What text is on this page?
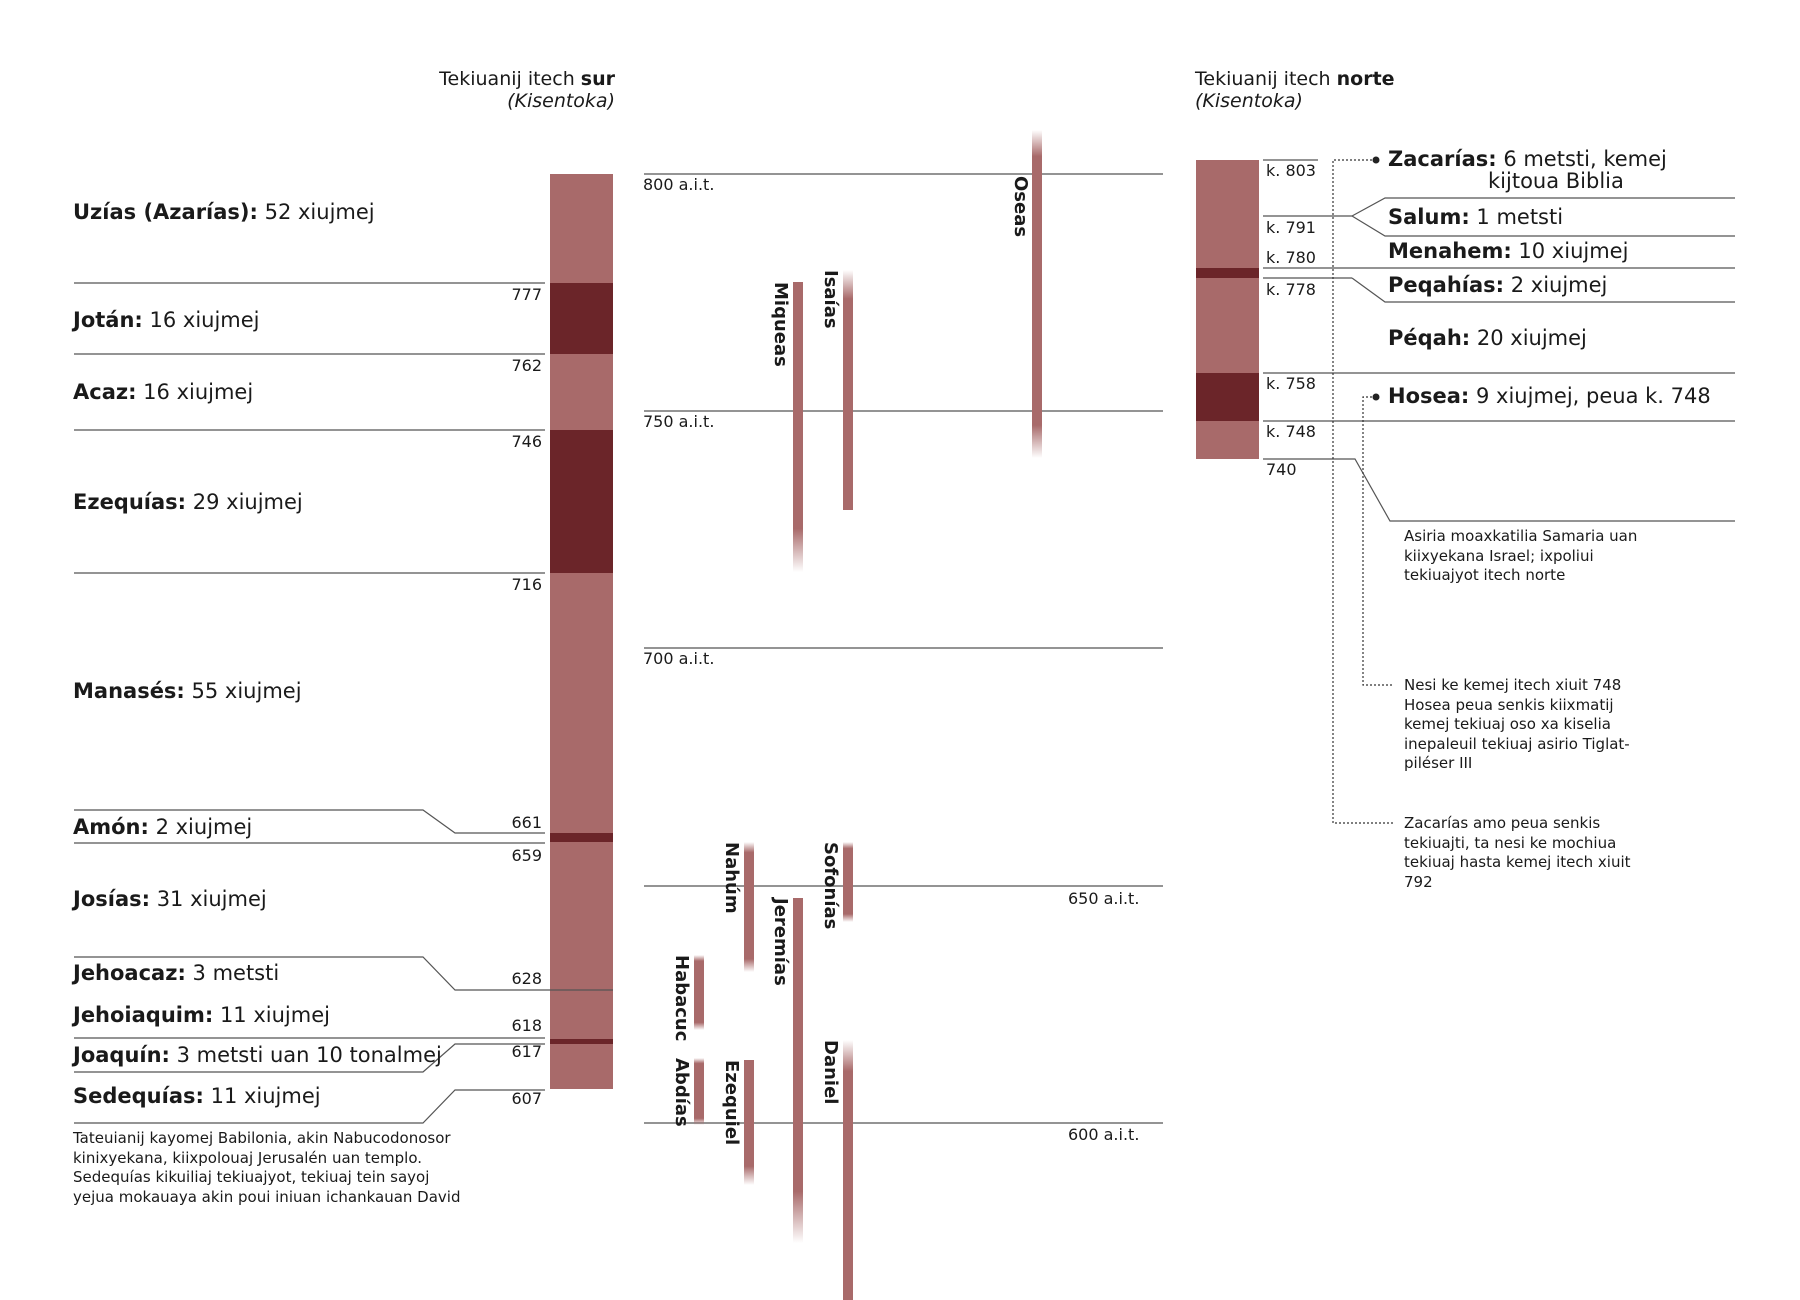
Tekiuanij itech sur
(Kisentoka)
Tekiuanij itech norte
(Kisentoka)
Uzías (Azarías): 52 xiujmej
Jotán: 16 xiujmej
Acaz: 16 xiujmej
Ezequías: 29 xiujmej
Manasés: 55 xiujmej
Amón: 2 xiujmej
Josías: 31 xiujmej
Jehoacaz: 3 metsti
Jehoiaquim: 11 xiujmej
Joaquín: 3 metsti uan 10 tonalmej
Sedequías: 11 xiujmej
777
762
746
716
661
659
628
618
617
607
Tateuianij kayomej Babilonia, akin Nabucodonosor kinixyekana, kiixpolouaj Jerusalén uan templo. Sedequías kikuiliaj tekiuajyot, tekiuaj tein sayoj yejua mokauaya akin poui iniuan ichankauan David
800 a.i.t.
750 a.i.t.
700 a.i.t.
650 a.i.t.
600 a.i.t.
Oseas
Isaías
Miqueas
Nahúm	Sofonías
Jeremías
Habacuc
Abdías Ezequiel	Daniel
k. 803
k. 791
k. 780
k. 778
k. 758
k. 748
740
Zacarías: 6 metsti, kemej
kijtoua Biblia
Salum: 1 metsti
Menahem: 10 xiujmej
Peqahías: 2 xiujmej
Péqah: 20 xiujmej
Hosea: 9 xiujmej, peua k. 748
Asiria moaxkatilia Samaria uan kiixyekana Israel; ixpoliui tekiuajyot itech norte
Nesi ke kemej itech xiuit 748 Hosea peua senkis kiixmatij kemej tekiuaj oso xa kiselia inepaleuil tekiuaj asirio Tiglat-piléser III
Zacarías amo peua senkis tekiuajti, ta nesi ke mochiua tekiuaj hasta kemej itech xiuit 792
